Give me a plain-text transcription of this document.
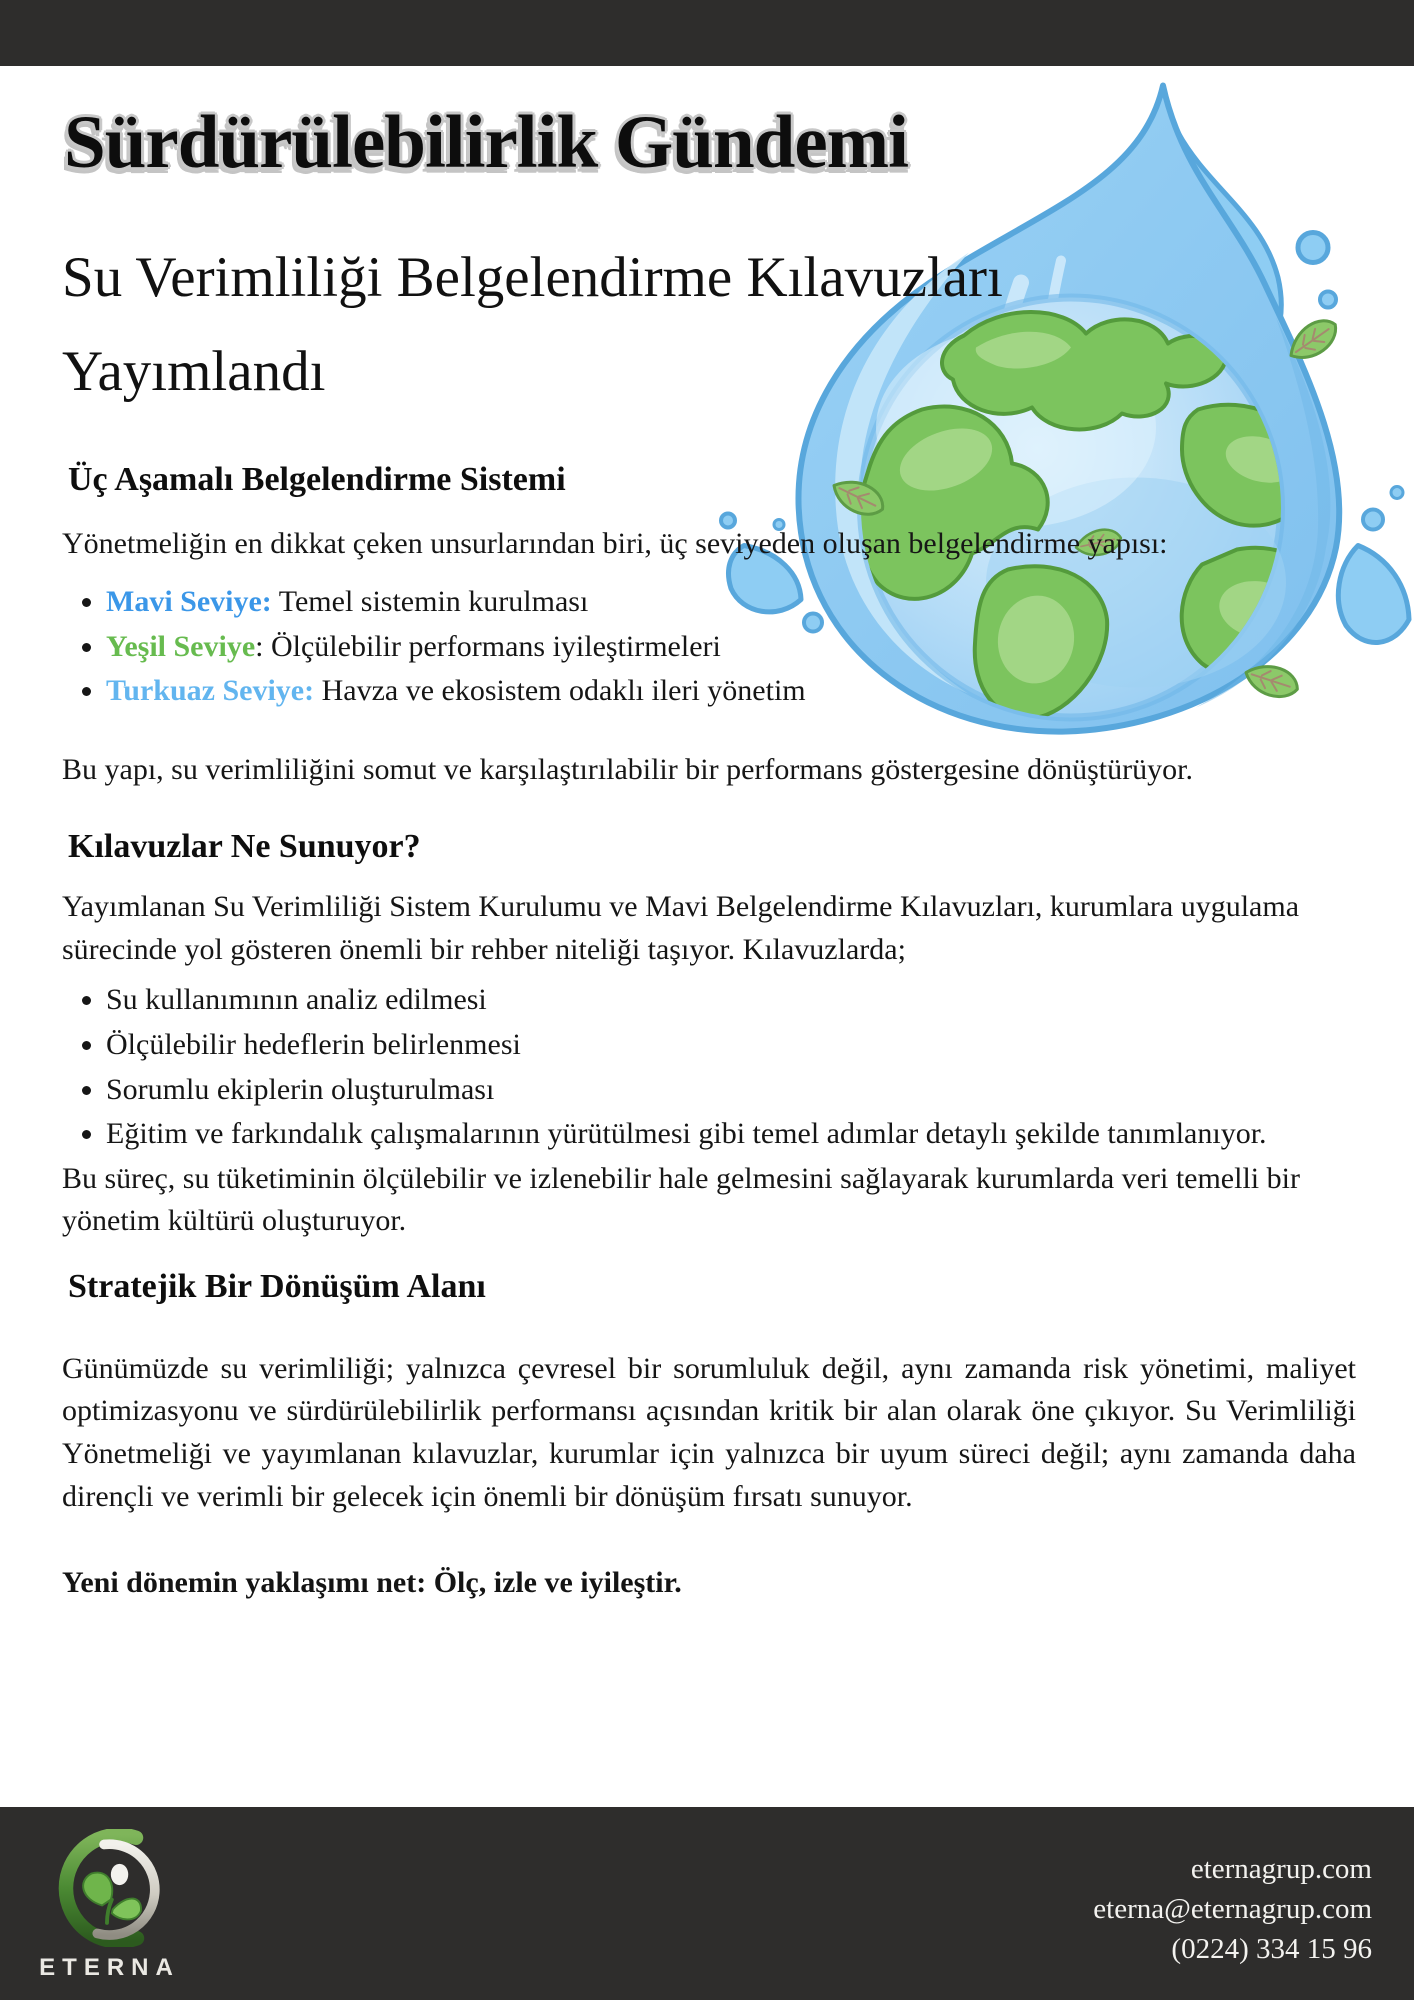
Sürdürülebilirlik Gündemi
Su Verimliliği Belgelendirme Kılavuzları Yayımlandı
Üç Aşamalı Belgelendirme Sistemi

Yönetmeliğin en dikkat çeken unsurlarından biri, üç seviyeden oluşan belgelendirme yapısı:

• Mavi Seviye: Temel sistemin kurulması
• Yeşil Seviye: Ölçülebilir performans iyileştirmeleri
• Turkuaz Seviye: Havza ve ekosistem odaklı ileri yönetim

Bu yapı, su verimliliğini somut ve karşılaştırılabilir bir performans göstergesine dönüştürüyor.

Kılavuzlar Ne Sunuyor?

Yayımlanan Su Verimliliği Sistem Kurulumu ve Mavi Belgelendirme Kılavuzları, kurumlara uygulama sürecinde yol gösteren önemli bir rehber niteliği taşıyor. Kılavuzlarda;

• Su kullanımının analiz edilmesi
• Ölçülebilir hedeflerin belirlenmesi
• Sorumlu ekiplerin oluşturulması
• Eğitim ve farkındalık çalışmalarının yürütülmesi gibi temel adımlar detaylı şekilde tanımlanıyor.

Bu süreç, su tüketiminin ölçülebilir ve izlenebilir hale gelmesini sağlayarak kurumlarda veri temelli bir yönetim kültürü oluşturuyor.

Stratejik Bir Dönüşüm Alanı

Günümüzde su verimliliği; yalnızca çevresel bir sorumluluk değil, aynı zamanda risk yönetimi, maliyet optimizasyonu ve sürdürülebilirlik performansı açısından kritik bir alan olarak öne çıkıyor. Su Verimliliği Yönetmeliği ve yayımlanan kılavuzlar, kurumlar için yalnızca bir uyum süreci değil; aynı zamanda daha dirençli ve verimli bir gelecek için önemli bir dönüşüm fırsatı sunuyor.

Yeni dönemin yaklaşımı net: Ölç, izle ve iyileştir.

ETERNA
eternagrup.com
eterna@eternagrup.com
(0224) 334 15 96
